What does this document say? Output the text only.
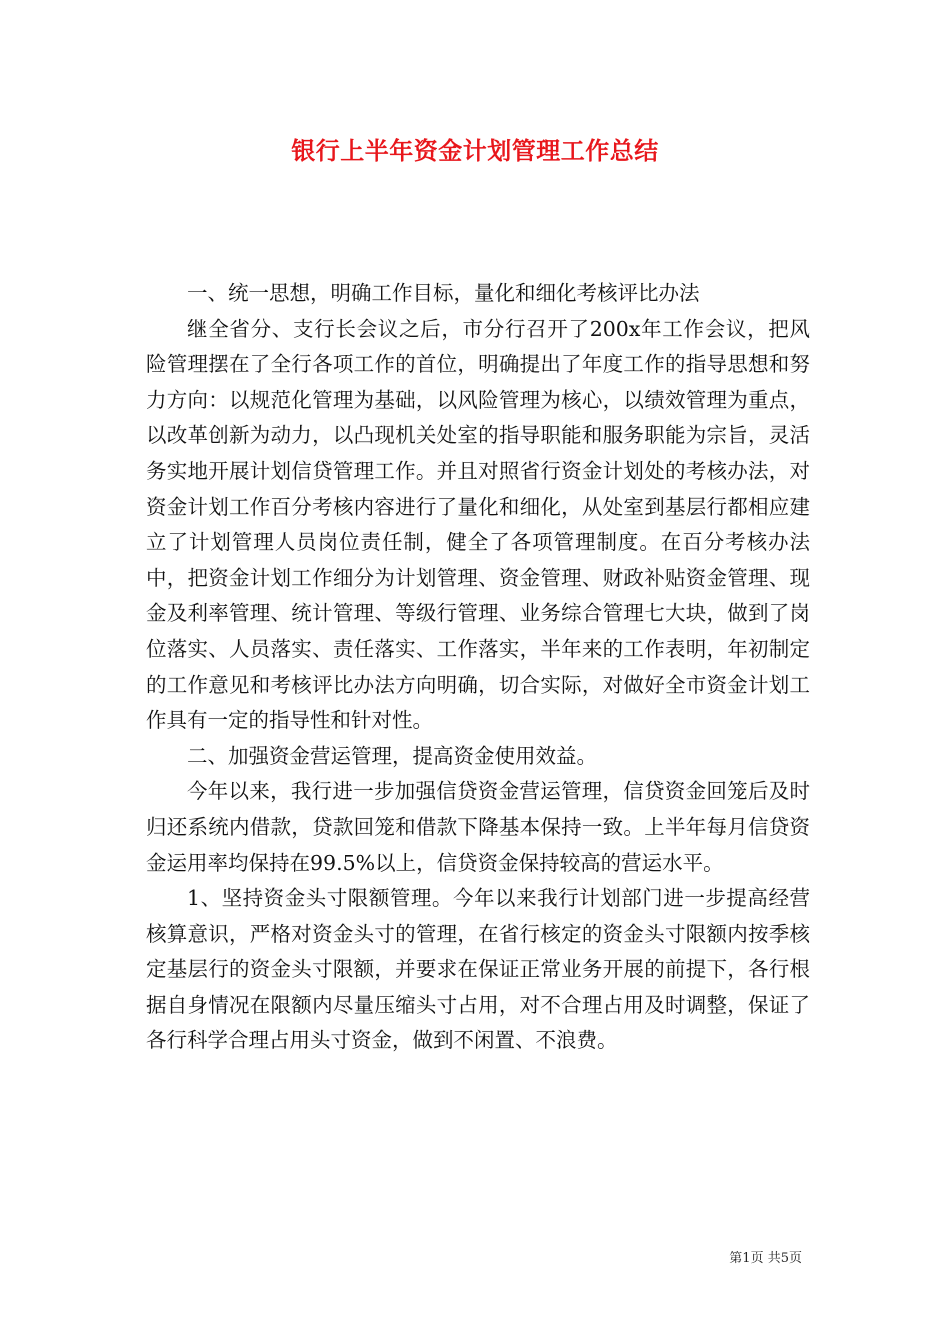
银行上半年资金计划管理工作总结

一、统一思想，明确工作目标，量化和细化考核评比办法

继全省分、支行长会议之后，市分行召开了200x年工作会议，把风险管理摆在了全行各项工作的首位，明确提出了年度工作的指导思想和努力方向：以规范化管理为基础，以风险管理为核心，以绩效管理为重点，以改革创新为动力，以凸现机关处室的指导职能和服务职能为宗旨，灵活务实地开展计划信贷管理工作。并且对照省行资金计划处的考核办法，对资金计划工作百分考核内容进行了量化和细化，从处室到基层行都相应建立了计划管理人员岗位责任制，健全了各项管理制度。在百分考核办法中，把资金计划工作细分为计划管理、资金管理、财政补贴资金管理、现金及利率管理、统计管理、等级行管理、业务综合管理七大块，做到了岗位落实、人员落实、责任落实、工作落实，半年来的工作表明，年初制定的工作意见和考核评比办法方向明确，切合实际，对做好全市资金计划工作具有一定的指导性和针对性。

二、加强资金营运管理，提高资金使用效益。

今年以来，我行进一步加强信贷资金营运管理，信贷资金回笼后及时归还系统内借款，贷款回笼和借款下降基本保持一致。上半年每月信贷资金运用率均保持在99.5%以上，信贷资金保持较高的营运水平。

1、坚持资金头寸限额管理。今年以来我行计划部门进一步提高经营核算意识，严格对资金头寸的管理，在省行核定的资金头寸限额内按季核定基层行的资金头寸限额，并要求在保证正常业务开展的前提下，各行根据自身情况在限额内尽量压缩头寸占用，对不合理占用及时调整，保证了各行科学合理占用头寸资金，做到不闲置、不浪费。

第1页 共5页
